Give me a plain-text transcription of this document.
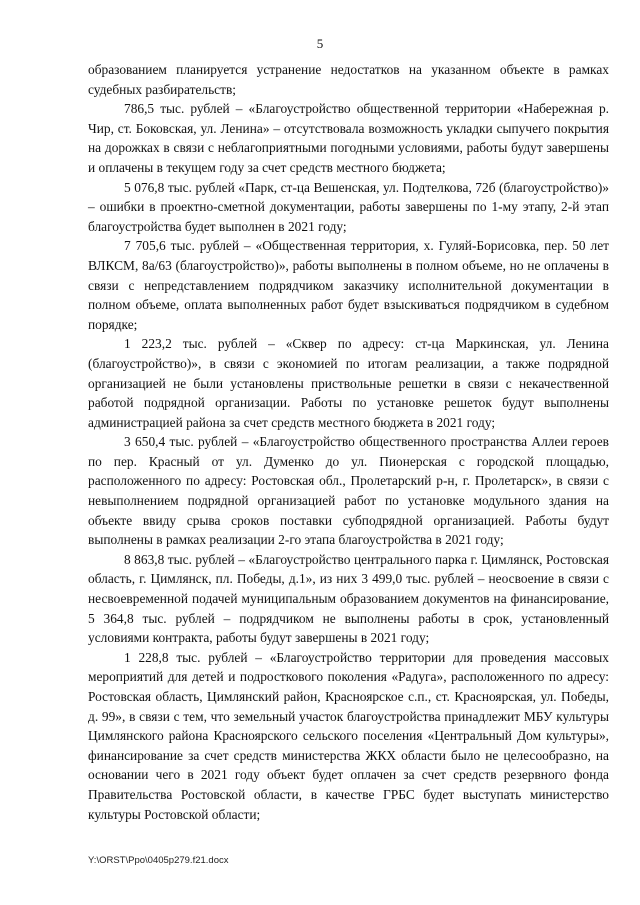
5

образованием планируется устранение недостатков на указанном объекте в рамках судебных разбирательств;

786,5 тыс. рублей – «Благоустройство общественной территории «Набережная р. Чир, ст. Боковская, ул. Ленина» – отсутствовала возможность укладки сыпучего покрытия на дорожках в связи с неблагоприятными погодными условиями, работы будут завершены и оплачены в текущем году за счет средств местного бюджета;

5 076,8 тыс. рублей «Парк, ст-ца Вешенская, ул. Подтелкова, 72б (благоустройство)» – ошибки в проектно-сметной документации, работы завершены по 1-му этапу, 2-й этап благоустройства будет выполнен в 2021 году;

7 705,6 тыс. рублей – «Общественная территория, х. Гуляй-Борисовка, пер. 50 лет ВЛКСМ, 8а/63 (благоустройство)», работы выполнены в полном объеме, но не оплачены в связи с непредставлением подрядчиком заказчику исполнительной документации в полном объеме, оплата выполненных работ будет взыскиваться подрядчиком в судебном порядке;

1 223,2 тыс. рублей – «Сквер по адресу: ст-ца Маркинская, ул. Ленина (благоустройство)», в связи с экономией по итогам реализации, а также подрядной организацией не были установлены приствольные решетки в связи с некачественной работой подрядной организации. Работы по установке решеток будут выполнены администрацией района за счет средств местного бюджета в 2021 году;

3 650,4 тыс. рублей – «Благоустройство общественного пространства Аллеи героев по пер. Красный от ул. Думенко до ул. Пионерская с городской площадью, расположенного по адресу: Ростовская обл., Пролетарский р-н, г. Пролетарск», в связи с невыполнением подрядной организацией работ по установке модульного здания на объекте ввиду срыва сроков поставки субподрядной организацией. Работы будут выполнены в рамках реализации 2-го этапа благоустройства в 2021 году;

8 863,8 тыс. рублей – «Благоустройство центрального парка г. Цимлянск, Ростовская область, г. Цимлянск, пл. Победы, д.1», из них 3 499,0 тыс. рублей – неосвоение в связи с несвоевременной подачей муниципальным образованием документов на финансирование, 5 364,8 тыс. рублей – подрядчиком не выполнены работы в срок, установленный условиями контракта, работы будут завершены в 2021 году;

1 228,8 тыс. рублей – «Благоустройство территории для проведения массовых мероприятий для детей и подросткового поколения «Радуга», расположенного по адресу: Ростовская область, Цимлянский район, Красноярское с.п., ст. Красноярская, ул. Победы, д. 99», в связи с тем, что земельный участок благоустройства принадлежит МБУ культуры Цимлянского района Красноярского сельского поселения «Центральный Дом культуры», финансирование за счет средств министерства ЖКХ области было не целесообразно, на основании чего в 2021 году объект будет оплачен за счет средств резервного фонда Правительства Ростовской области, в качестве ГРБС будет выступать министерство культуры Ростовской области;

Y:\ORST\Ppo\0405p279.f21.docx
